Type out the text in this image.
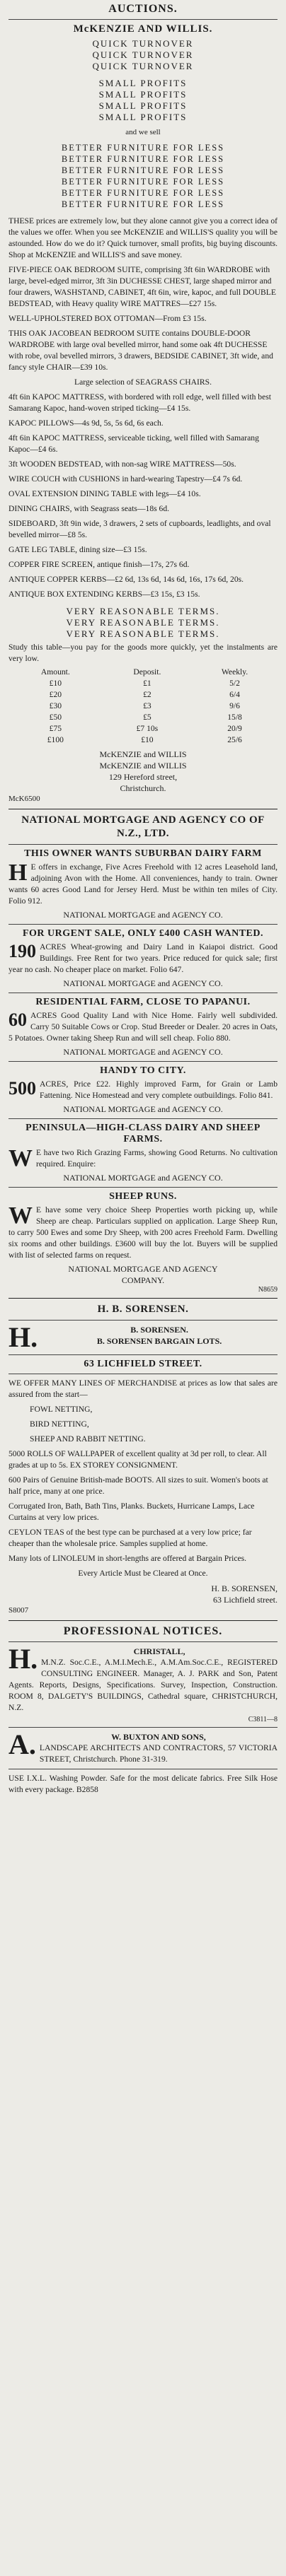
AUCTIONS.
McKENZIE AND WILLIS.
QUICK TURNOVER
QUICK TURNOVER
QUICK TURNOVER
SMALL PROFITS
SMALL PROFITS
SMALL PROFITS
SMALL PROFITS
and we sell
BETTER FURNITURE FOR LESS
BETTER FURNITURE FOR LESS
BETTER FURNITURE FOR LESS
BETTER FURNITURE FOR LESS
BETTER FURNITURE FOR LESS
BETTER FURNITURE FOR LESS

THESE prices are extremely low, but they alone cannot give you a correct idea of the values we offer. When you see McKENZIE and WILLIS'S quality you will be astounded. How do we do it? Quick turnover, small profits, big buying discounts. Shop at McKENZIE and WILLIS'S and save money.

FIVE-PIECE OAK BEDROOM SUITE, comprising 3ft 6in WARDROBE with large, bevel-edged mirror, 3ft 3in DUCHESSE CHEST, large shaped mirror and four drawers, WASHSTAND, CABINET, 4ft 6in, wire, kapoc, and full DOUBLE BEDSTEAD, with Heavy quality WIRE MATTRES—£27 15s.
WELL-UPHOLSTERED BOX OTTOMAN—From £3 15s.
THIS OAK JACOBEAN BEDROOM SUITE contains DOUBLE-DOOR WARDROBE with large oval bevelled mirror, hand some oak 4ft DUCHESSE with robe, oval bevelled mirrors, 3 drawers, BEDSIDE CABINET, 3ft wide, and fancy style CHAIR—£39 10s.
Large selection of SEAGRASS CHAIRS.
4ft 6in KAPOC MATTRESS, with bordered with roll edge, well filled with best Samarang Kapoc, hand-woven striped ticking—£4 15s.
KAPOC PILLOWS—4s 9d, 5s, 5s 6d, 6s each.
4ft 6in KAPOC MATTRESS, serviceable ticking, well filled with Samarang Kapoc—£4 6s.
3ft WOODEN BEDSTEAD, with non-sag WIRE MATTRESS—50s.
WIRE COUCH with CUSHIONS in hard-wearing Tapestry—£4 7s 6d.
OVAL EXTENSION DINING TABLE with legs—£4 10s.
DINING CHAIRS, with Seagrass seats—18s 6d.
SIDEBOARD, 3ft 9in wide, 3 drawers, 2 sets of cupboards, leadlights, and oval bevelled mirror—£8 5s.
GATE LEG TABLE, dining size—£3 15s.
COPPER FIRE SCREEN, antique finish—17s, 27s 6d.
ANTIQUE COPPER KERBS—£2 6d, 13s 6d, 14s 6d, 16s, 17s 6d, 20s.
ANTIQUE BOX EXTENDING KERBS—£3 15s, £3 15s.
VERY REASONABLE TERMS.
VERY REASONABLE TERMS.
VERY REASONABLE TERMS.

Study this table—you pay for the goods more quickly, yet the instalments are very low.

Amount.	Deposit.	Weekly.
£10	£1	5/2
£20	£2	6/4
£30	£3	9/6
£50	£5	15/8
£75	£7 10s	20/9
£100	£10	25/6
McKENZIE and WILLIS
McKENZIE and WILLIS
129 Hereford street,
Christchurch.
McK6500
NATIONAL MORTGAGE AND AGENCY CO OF N.Z., LTD.
THIS OWNER WANTS SUBURBAN DAIRY FARM
H E offers in exchange, Five Acres Freehold with 12 acres Leasehold land, adjoining Avon with the Home. All conveniences, handy to train. Owner wants 60 acres Good Land for Jersey Herd. Must be within ten miles of City. Folio 912.
NATIONAL MORTGAGE and AGENCY CO.
FOR URGENT SALE, ONLY £400 CASH WANTED.
190 ACRES Wheat-growing and Dairy Land in Kaiapoi district. Good Buildings. Free Rent for two years. Price reduced for quick sale; first year no cash. No cheaper place on market. Folio 647.
NATIONAL MORTGAGE and AGENCY CO.
RESIDENTIAL FARM, CLOSE TO PAPANUI.
60 ACRES Good Quality Land with Nice Home. Fairly well subdivided. Carry 50 Suitable Cows or Crop. Stud Breeder or Dealer. 20 acres in Oats, 5 Potatoes. Owner taking Sheep Run and will sell cheap. Folio 880.
NATIONAL MORTGAGE and AGENCY CO.
HANDY TO CITY.
500 ACRES, Price £22. Highly improved Farm, for Grain or Lamb Fattening. Nice Homestead and very complete outbuildings. Folio 841.
NATIONAL MORTGAGE and AGENCY CO.
PENINSULA—HIGH-CLASS DAIRY AND SHEEP FARMS.
W E have two Rich Grazing Farms, showing Good Returns. No cultivation required. Enquire:
NATIONAL MORTGAGE and AGENCY CO.
SHEEP RUNS.
W E have some very choice Sheep Properties worth picking up, while Sheep are cheap. Particulars supplied on application. Large Sheep Run, to carry 500 Ewes and some Dry Sheep, with 200 acres Freehold Farm. Dwelling six rooms and other buildings. £3600 will buy the lot. Buyers will be supplied with list of selected farms on request.
NATIONAL MORTGAGE AND AGENCY
COMPANY.
N8659
H. B. SORENSEN.
H.	B. SORENSEN.
B. SORENSEN BARGAIN LOTS.
63 LICHFIELD STREET.

WE OFFER MANY LINES OF MERCHANDISE at prices as low that sales are assured from the start—

FOWL NETTING,
BIRD NETTING,
SHEEP AND RABBIT NETTING.
5000 ROLLS OF WALLPAPER of excellent quality at 3d per roll, to clear. All grades at up to 5s. EX STOREY CONSIGNMENT.
600 Pairs of Genuine British-made BOOTS. All sizes to suit. Women's boots at half price, many at one price.
Corrugated Iron, Bath, Bath Tins, Planks. Buckets, Hurricane Lamps, Lace Curtains at very low prices.
CEYLON TEAS of the best type can be purchased at a very low price; far cheaper than the wholesale price. Samples supplied at home.
Many lots of LINOLEUM in short-lengths are offered at Bargain Prices.
Every Article Must be Cleared at Once.
H. B. SORENSEN,
63 Lichfield street.
S8007
PROFESSIONAL NOTICES.
H.	CHRISTALL,
M.N.Z. Soc.C.E., A.M.I.Mech.E., A.M.Am.Soc.C.E., REGISTERED CONSULTING ENGINEER. Manager, A. J. PARK and Son, Patent Agents. Reports, Designs, Specifications. Survey, Inspection, Construction. ROOM 8, DALGETY'S BUILDINGS, Cathedral square, CHRISTCHURCH, N.Z.
C3811—8
A.	W. BUXTON AND SONS,
LANDSCAPE ARCHITECTS AND CONTRACTORS, 57 VICTORIA STREET, Christchurch. Phone 31-319.

USE I.X.L. Washing Powder. Safe for the most delicate fabrics. Free Silk Hose with every package. B2858
